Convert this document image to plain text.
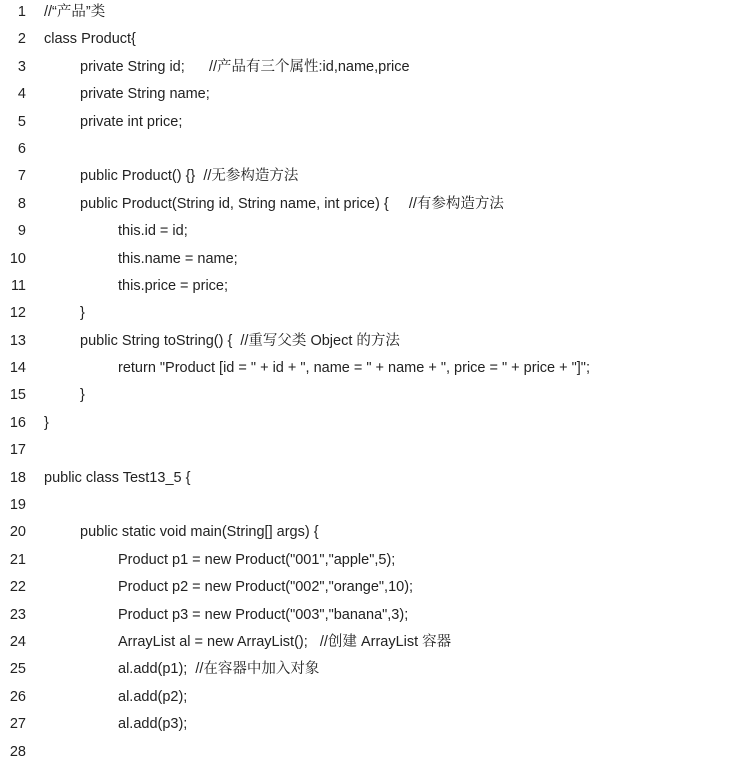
1 //“产品”类
2 class Product{
3	private String id;      //产品有三个属性:id,name,price
4	private String name;
5	private int price;
6
7	public Product() {}  //无参构造方法
8	public Product(String id, String name, int price) {     //有参构造方法
9	this.id = id;
10	this.name = name;
11	this.price = price;
12	}
13	public String toString() {  //重写父类 Object 的方法
14	return "Product [id = " + id + ", name = " + name + ", price = " + price + "]";
15	}
16 }
17
18 public class Test13_5 {
19
20	public static void main(String[] args) {
21	Product p1 = new Product("001","apple",5);
22	Product p2 = new Product("002","orange",10);
23	Product p3 = new Product("003","banana",3);
24	ArrayList al = new ArrayList();   //创建 ArrayList 容器
25	al.add(p1);  //在容器中加入对象
26	al.add(p2);
27	al.add(p3);
28
